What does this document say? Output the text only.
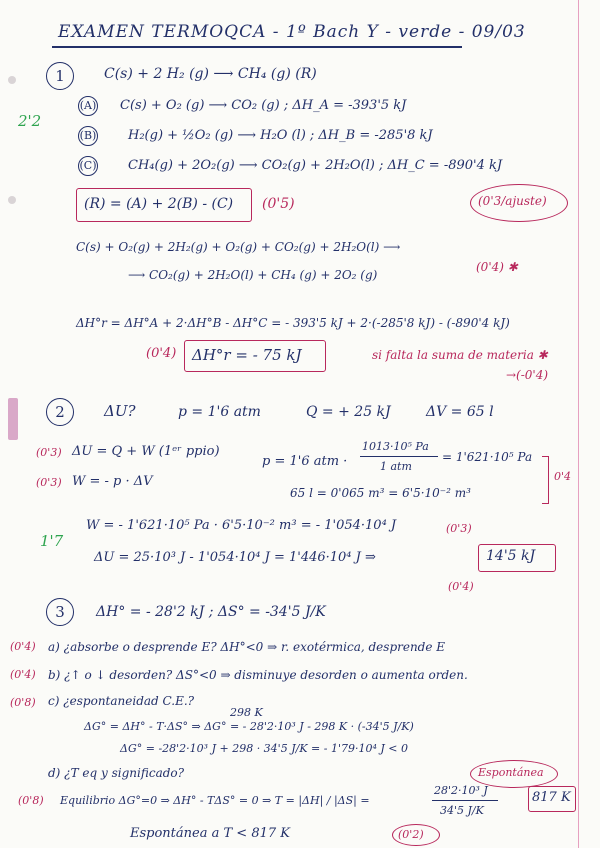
EXAMEN TERMOQCA - 1º Bach Y - verde - 09/03
1	C(s) + 2 H₂ (g) ⟶ CH₄ (g) (R)
2'2
(A) C(s) + O₂ (g) ⟶ CO₂ (g) ; ΔH_A = -393'5 kJ
(B) H₂(g) + ½O₂ (g) ⟶ H₂O (l) ; ΔH_B = -285'8 kJ
(C) CH₄(g) + 2O₂(g) ⟶ CO₂(g) + 2H₂O(l) ; ΔH_C = -890'4 kJ
(R) = (A) + 2(B) - (C) (0'5)	(0'3/ajuste)
C(s) + O₂(g) + 2H₂(g) + O₂(g) + CO₂(g) + 2H₂O(l) ⟶
⟶ CO₂(g) + 2H₂O(l) + CH₄ (g) + 2O₂ (g)
(0'4) ✱
ΔH°r = ΔH°A + 2·ΔH°B - ΔH°C = - 393'5 kJ + 2·(-285'8 kJ) - (-890'4 kJ)
(0'4) ΔH°r = - 75 kJ	si falta la suma de materia ✱
→(-0'4)
2	ΔU?	p = 1'6 atm	Q = + 25 kJ	ΔV = 65 l
(0'3) ΔU = Q + W (1ᵉʳ ppio)
(0'3) W = - p · ΔV
p = 1'6 atm ·
1013·10⁵ Pa
1 atm
= 1'621·10⁵ Pa
65 l = 0'065 m³ = 6'5·10⁻² m³
0'4
1'7
W = - 1'621·10⁵ Pa · 6'5·10⁻² m³ = - 1'054·10⁴ J	(0'3)
ΔU = 25·10³ J - 1'054·10⁴ J = 1'446·10⁴ J ⇒	14'5 kJ
(0'4)
3	ΔH° = - 28'2 kJ ; ΔS° = -34'5 J/K
(0'4) a) ¿absorbe o desprende E? ΔH°<0 ⇒ r. exotérmica, desprende E
(0'4) b) ¿↑ o ↓ desorden? ΔS°<0 ⇒ disminuye desorden o aumenta orden.
(0'8) c) ¿espontaneidad C.E.?
298 K
ΔG° = ΔH° - T·ΔS° ⇒ ΔG° = - 28'2·10³ J - 298 K · (-34'5 J/K)
ΔG° = -28'2·10³ J + 298 · 34'5 J/K = - 1'79·10⁴ J < 0
Espontánea
d) ¿T eq y significado?
(0'8) Equilibrio ΔG°=0 ⇒ ΔH° - TΔS° = 0 ⇒ T = |ΔH| / |ΔS| =
28'2·10³ J
34'5 J/K
817 K
Espontánea a T < 817 K	(0'2)
